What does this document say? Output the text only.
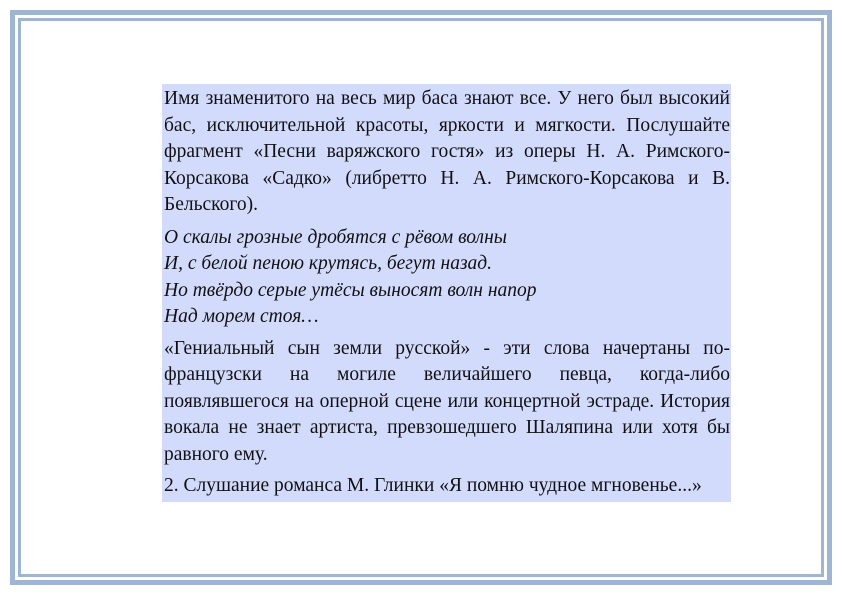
Имя знаменитого на весь мир баса знают все. У него был высокий бас, исключительной красоты, яркости и мягкости. Послушайте фрагмент «Песни варяжского гостя» из оперы Н. А. Римского-Корсакова «Садко» (либретто Н. А. Римского-Корсакова и В. Бельского).

О скалы грозные дробятся с рёвом волны
И, с белой пеною крутясь, бегут назад.
Но твёрдо серые утёсы выносят волн напор
Над морем стоя…

«Гениальный сын земли русской» - эти слова начертаны по-французски на могиле величайшего певца, когда-либо появлявшегося на оперной сцене или концертной эстраде. История вокала не знает артиста, превзошедшего Шаляпина или хотя бы равного ему.

2. Слушание романса М. Глинки «Я помню чудное мгновенье...»
